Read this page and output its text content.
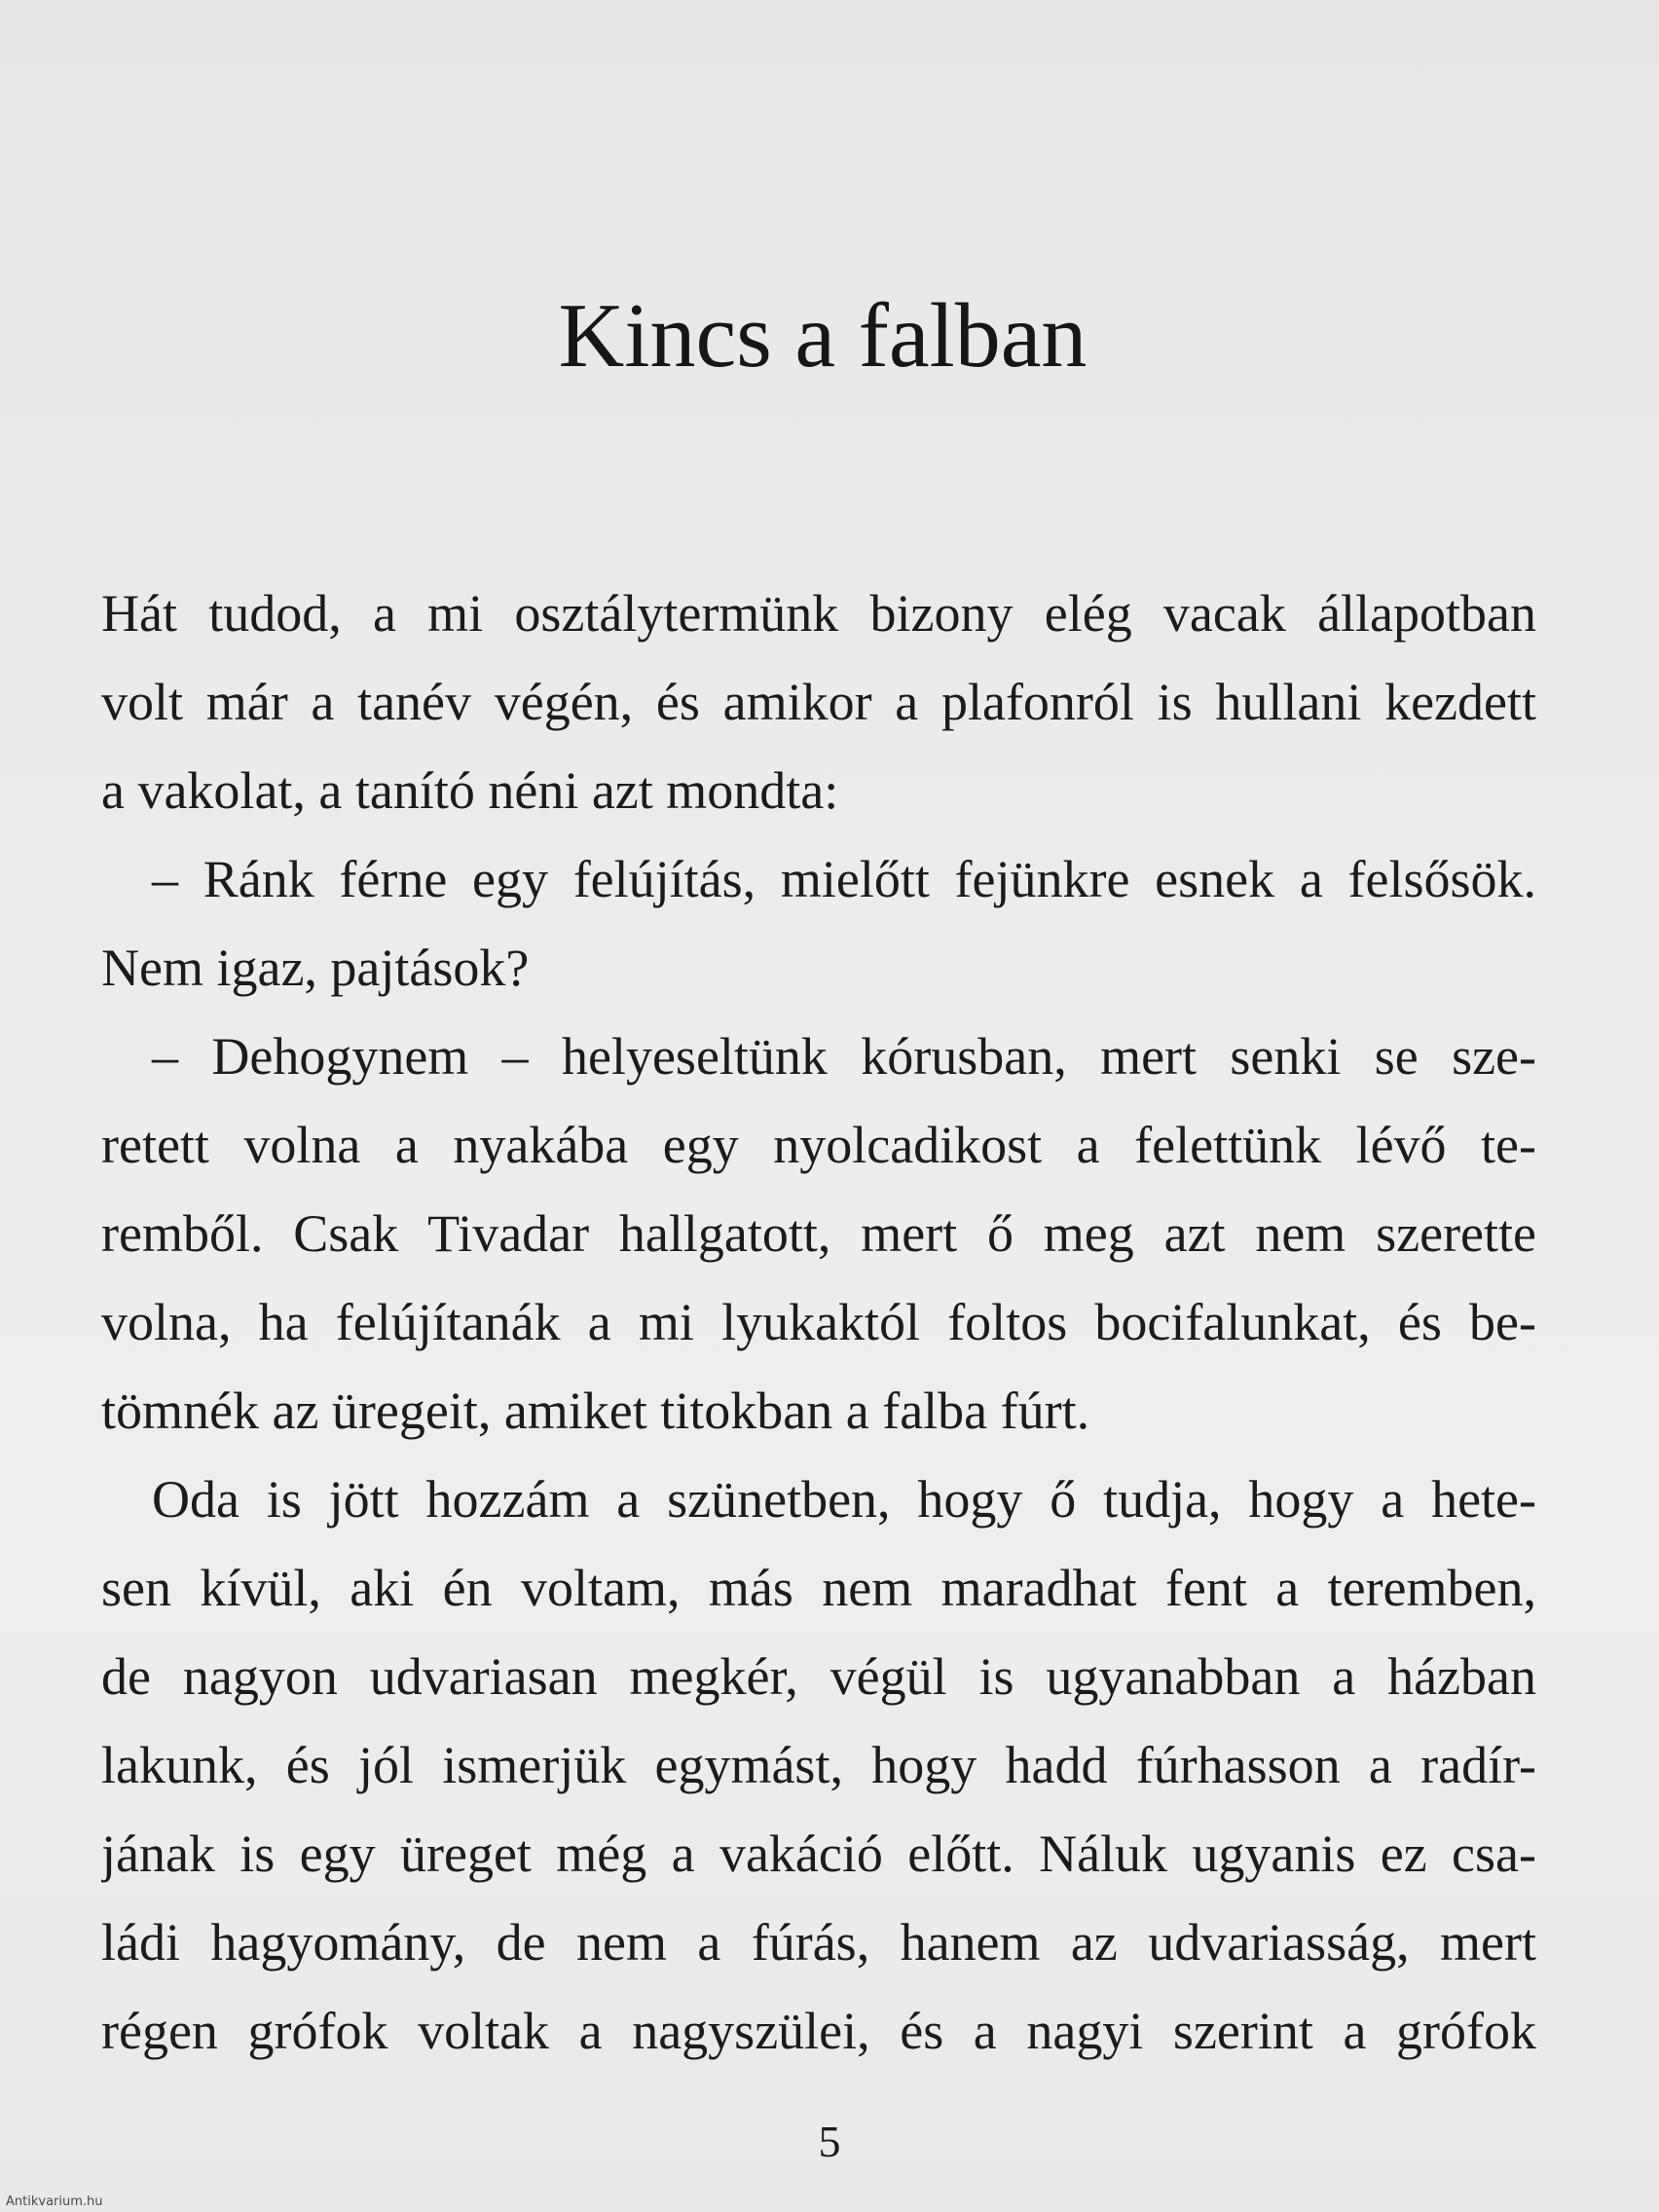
Kincs a falban
Hát tudod, a mi osztálytermünk bizony elég vacak állapotban
volt már a tanév végén, és amikor a plafonról is hullani kezdett
a vakolat, a tanító néni azt mondta:
– Ránk férne egy felújítás, mielőtt fejünkre esnek a felsősök.
Nem igaz, pajtások?
– Dehogynem – helyeseltünk kórusban, mert senki se sze-
retett volna a nyakába egy nyolcadikost a felettünk lévő te-
remből. Csak Tivadar hallgatott, mert ő meg azt nem szerette
volna, ha felújítanák a mi lyukaktól foltos bocifalunkat, és be-
tömnék az üregeit, amiket titokban a falba fúrt.
Oda is jött hozzám a szünetben, hogy ő tudja, hogy a hete-
sen kívül, aki én voltam, más nem maradhat fent a teremben,
de nagyon udvariasan megkér, végül is ugyanabban a házban
lakunk, és jól ismerjük egymást, hogy hadd fúrhasson a radír-
jának is egy üreget még a vakáció előtt. Náluk ugyanis ez csa-
ládi hagyomány, de nem a fúrás, hanem az udvariasság, mert
régen grófok voltak a nagyszülei, és a nagyi szerint a grófok
5
Antikvarium.hu
